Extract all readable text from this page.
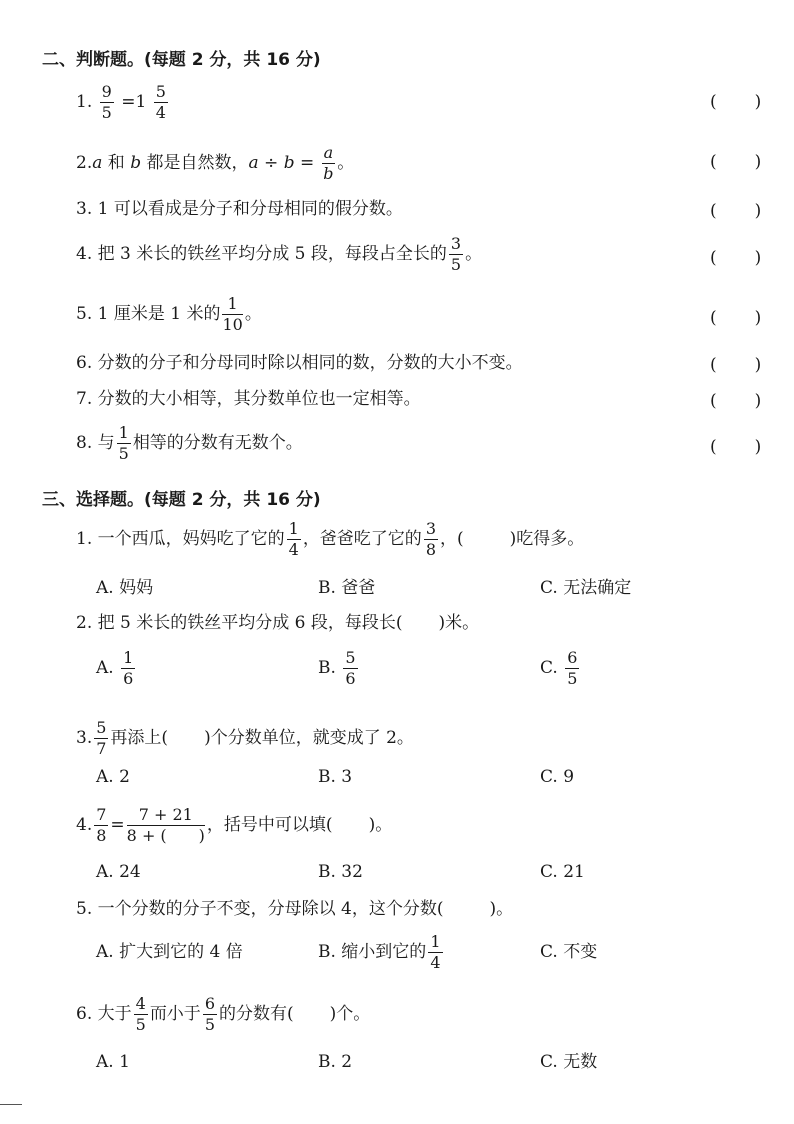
二、判断题。(每题 2 分，共 16 分)
1. $\frac{9}{5} =1 \frac{5}{4}$	( )
2.a 和 b 都是自然数，$a \div b = \frac{a}{b}$ 。	( )
3. 1 可以看成是分子和分母相同的假分数。	( )
4. 把 3 米长的铁丝平均分成 5 段，每段占全长的 $\frac{3}{5}$ 。	( )
5. 1 厘米是 1 米的 $\frac{1}{10}$ 。	( )
6. 分数的分子和分母同时除以相同的数，分数的大小不变。	( )
7. 分数的大小相等，其分数单位也一定相等。	( )
8. 与 $\frac{1}{5}$ 相等的分数有无数个。	( )
三、选择题。(每题 2 分，共 16 分)
1. 一个西瓜，妈妈吃了它的 $\frac{1}{4}$ ，爸爸吃了它的 $\frac{3}{8}$ ，(	)吃得多。
A. 妈妈	B. 爸爸	C. 无法确定
2. 把 5 米长的铁丝平均分成 6 段，每段长( )米。
A. $\frac{1}{6}$	B. $\frac{5}{6}$	C. $\frac{6}{5}$
3. $\frac{5}{7}$ 再添上( )个分数单位，就变成了 2。
A. 2	B. 3	C. 9
4. $\frac{7}{8} = \frac{7 + 21}{8 + ( )}$ ，括号中可以填( )。
A. 24	B. 32	C. 21
5. 一个分数的分子不变，分母除以 4，这个分数(	)。
A. 扩大到它的 4 倍	B. 缩小到它的 $\frac{1}{4}$	C. 不变
6. 大于 $\frac{4}{5}$ 而小于 $\frac{6}{5}$ 的分数有( )个。
A. 1	B. 2	C. 无数
